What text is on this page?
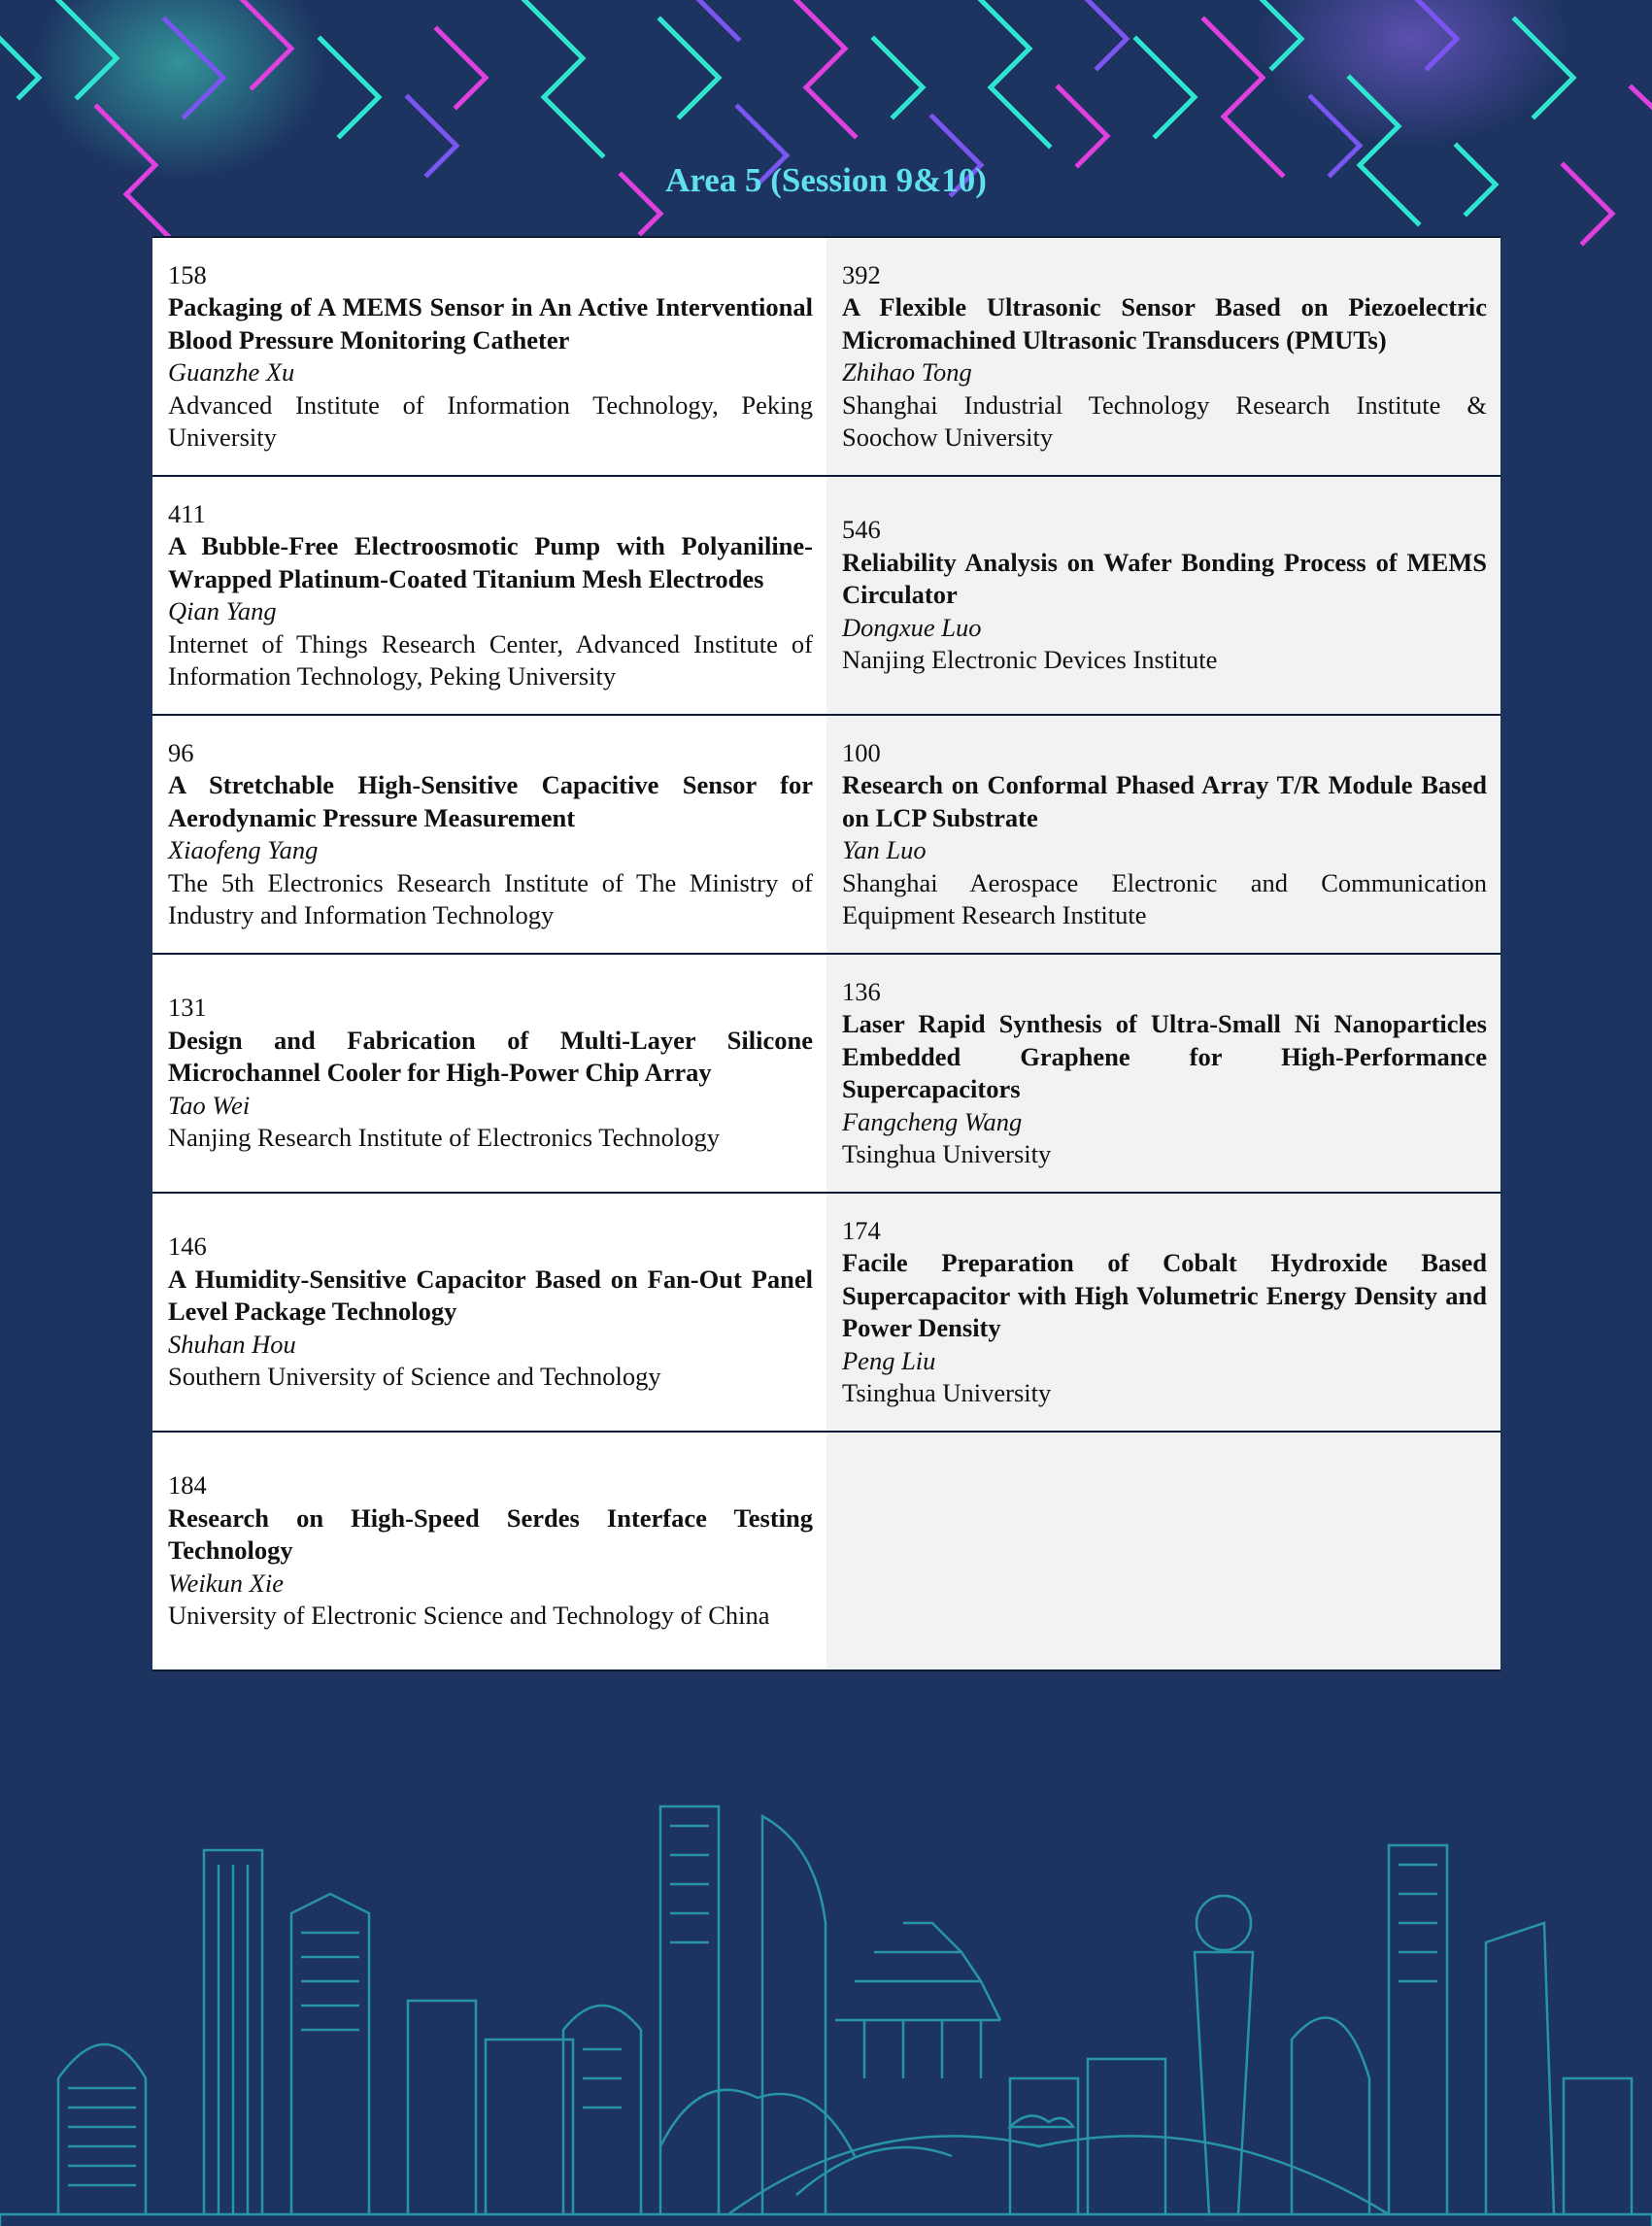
Area 5 (Session 9&10)
158
Packaging of A MEMS Sensor in An Active Interventional Blood Pressure Monitoring Catheter
Guanzhe Xu
Advanced Institute of Information Technology, Peking University
392
A Flexible Ultrasonic Sensor Based on Piezoelectric Micromachined Ultrasonic Transducers (PMUTs)
Zhihao Tong
Shanghai Industrial Technology Research Institute & Soochow University
411
A Bubble-Free Electroosmotic Pump with Polyaniline-Wrapped Platinum-Coated Titanium Mesh Electrodes
Qian Yang
Internet of Things Research Center, Advanced Institute of Information Technology, Peking University
546
Reliability Analysis on Wafer Bonding Process of MEMS Circulator
Dongxue Luo
Nanjing Electronic Devices Institute
96
A Stretchable High-Sensitive Capacitive Sensor for Aerodynamic Pressure Measurement
Xiaofeng Yang
The 5th Electronics Research Institute of The Ministry of Industry and Information Technology
100
Research on Conformal Phased Array T/R Module Based on LCP Substrate
Yan Luo
Shanghai Aerospace Electronic and Communication Equipment Research Institute
131
Design and Fabrication of Multi-Layer Silicone Microchannel Cooler for High-Power Chip Array
Tao Wei
Nanjing Research Institute of Electronics Technology
136
Laser Rapid Synthesis of Ultra-Small Ni Nanoparticles Embedded Graphene for High-Performance Supercapacitors
Fangcheng Wang
Tsinghua University
146
A Humidity-Sensitive Capacitor Based on Fan-Out Panel Level Package Technology
Shuhan Hou
Southern University of Science and Technology
174
Facile Preparation of Cobalt Hydroxide Based Supercapacitor with High Volumetric Energy Density and Power Density
Peng Liu
Tsinghua University
184
Research on High-Speed Serdes Interface Testing Technology
Weikun Xie
University of Electronic Science and Technology of China
